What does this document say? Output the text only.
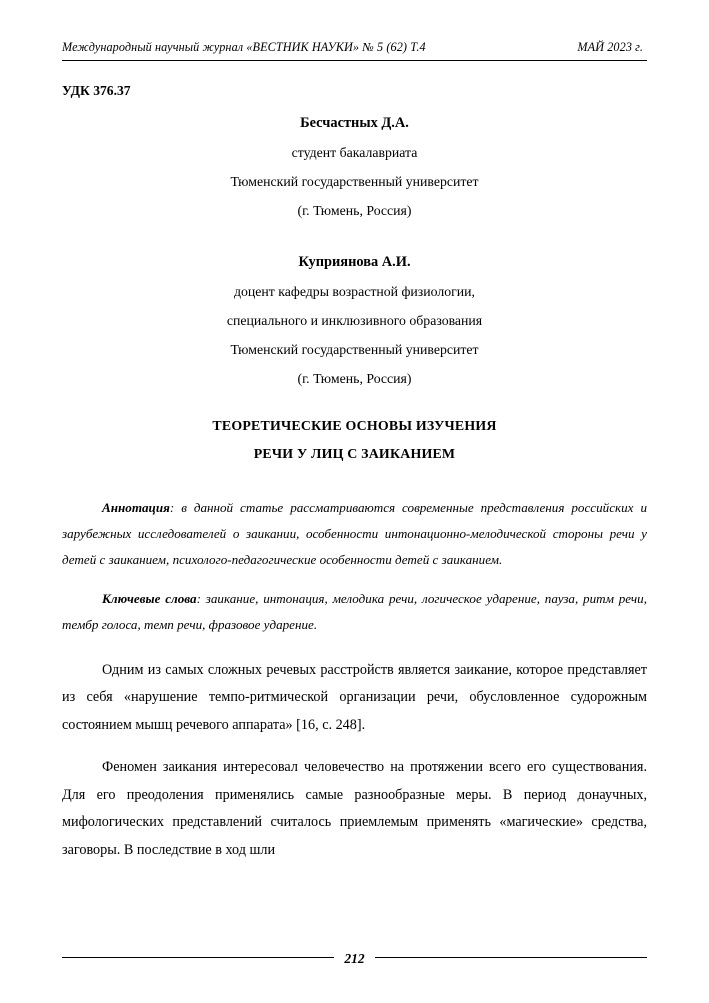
Международный научный журнал «ВЕСТНИК НАУКИ» № 5 (62) Т.4	МАЙ 2023 г.
УДК 376.37
Бесчастных Д.А.
студент бакалавриата
Тюменский государственный университет
(г. Тюмень, Россия)
Куприянова А.И.
доцент кафедры возрастной физиологии,
специального и инклюзивного образования
Тюменский государственный университет
(г. Тюмень, Россия)
ТЕОРЕТИЧЕСКИЕ ОСНОВЫ ИЗУЧЕНИЯ
РЕЧИ У ЛИЦ С ЗАИКАНИЕМ

Аннотация: в данной статье рассматриваются современные представления российских и зарубежных исследователей о заикании, особенности интонационно-мелодической стороны речи у детей с заиканием, психолого-педагогические особенности детей с заиканием.

Ключевые слова: заикание, интонация, мелодика речи, логическое ударение, пауза, ритм речи, тембр голоса, темп речи, фразовое ударение.

Одним из самых сложных речевых расстройств является заикание, которое представляет из себя «нарушение темпо-ритмической организации речи, обусловленное судорожным состоянием мышц речевого аппарата» [16, с. 248].

Феномен заикания интересовал человечество на протяжении всего его существования. Для его преодоления применялись самые разнообразные меры. В период донаучных, мифологических представлений считалось приемлемым применять «магические» средства, заговоры. В последствие в ход шли

212
